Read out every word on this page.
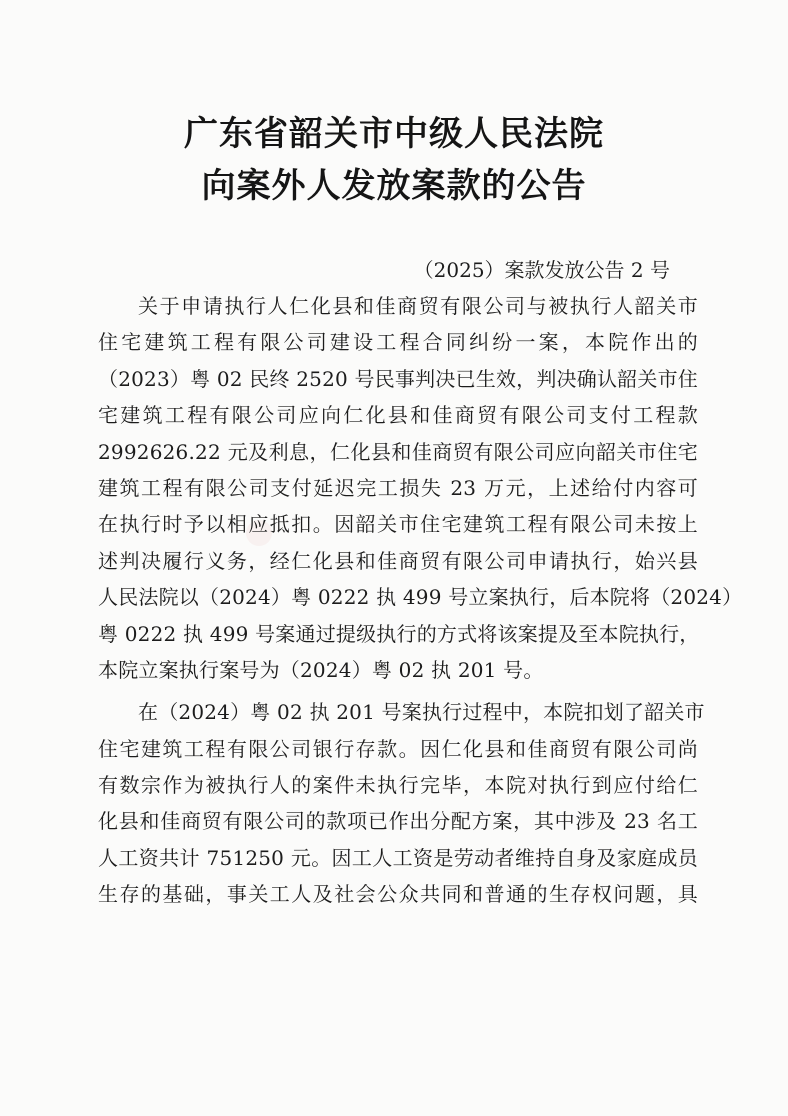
广东省韶关市中级人民法院
向案外人发放案款的公告
（2025）案款发放公告 2 号
关于申请执行人仁化县和佳商贸有限公司与被执行人韶关市
住宅建筑工程有限公司建设工程合同纠纷一案，本院作出的
（2023）粤 02 民终 2520 号民事判决已生效，判决确认韶关市住
宅建筑工程有限公司应向仁化县和佳商贸有限公司支付工程款
2992626.22 元及利息，仁化县和佳商贸有限公司应向韶关市住宅
建筑工程有限公司支付延迟完工损失 23 万元，上述给付内容可
在执行时予以相应抵扣。因韶关市住宅建筑工程有限公司未按上
述判决履行义务，经仁化县和佳商贸有限公司申请执行，始兴县
人民法院以（2024）粤 0222 执 499 号立案执行，后本院将（2024）
粤 0222 执 499 号案通过提级执行的方式将该案提及至本院执行，
本院立案执行案号为（2024）粤 02 执 201 号。
在（2024）粤 02 执 201 号案执行过程中，本院扣划了韶关市
住宅建筑工程有限公司银行存款。因仁化县和佳商贸有限公司尚
有数宗作为被执行人的案件未执行完毕，本院对执行到应付给仁
化县和佳商贸有限公司的款项已作出分配方案，其中涉及 23 名工
人工资共计 751250 元。因工人工资是劳动者维持自身及家庭成员
生存的基础，事关工人及社会公众共同和普通的生存权问题，具
